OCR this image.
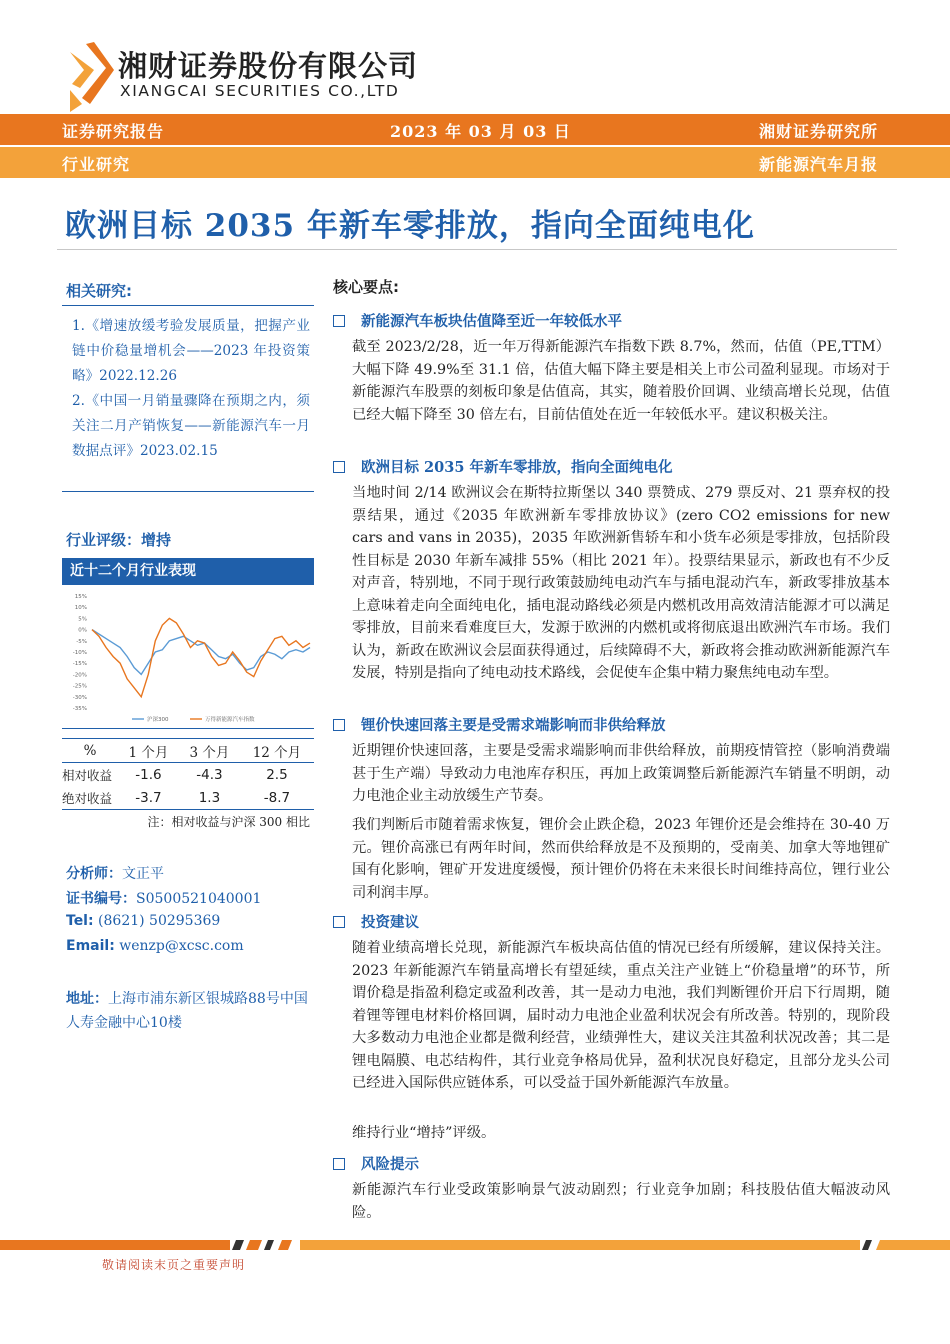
湘财证券股份有限公司
XIANGCAI SECURITIES CO.,LTD
证券研究报告	2023 年 03 月 03 日	湘财证券研究所
行业研究	新能源汽车月报
欧洲目标 2035 年新车零排放，指向全面纯电化
相关研究:
1.《增速放缓考验发展质量，把握产业链中价稳量增机会——2023 年投资策略》2022.12.26
2.《中国一月销量骤降在预期之内，须关注二月产销恢复——新能源汽车一月数据点评》2023.02.15
行业评级：增持
近十二个月行业表现
15%
10%
5%
0%
-5%
-10%
-15%
-20%
-25%
-30%
-35%
沪深300	万得新能源汽车指数
%	1 个月	3 个月	12 个月
相对收益	-1.6	-4.3	2.5
绝对收益	-3.7	1.3	-8.7
注：相对收益与沪深 300 相比
分析师：文正平
证书编号：S0500521040001
Tel: (8621) 50295369
Email: wenzp@xcsc.com
地址：上海市浦东新区银城路88号中国人寿金融中心10楼
核心要点:
新能源汽车板块估值降至近一年较低水平
截至 2023/2/28，近一年万得新能源汽车指数下跌 8.7%，然而，估值（PE,TTM）大幅下降 49.9%至 31.1 倍，估值大幅下降主要是相关上市公司盈利显现。市场对于新能源汽车股票的刻板印象是估值高，其实，随着股价回调、业绩高增长兑现，估值已经大幅下降至 30 倍左右，目前估值处在近一年较低水平。建议积极关注。
欧洲目标 2035 年新车零排放，指向全面纯电化
当地时间 2/14 欧洲议会在斯特拉斯堡以 340 票赞成、279 票反对、21 票弃权的投票结果，通过《2035 年欧洲新车零排放协议》(zero CO2 emissions for new cars and vans in 2035)，2035 年欧洲新售轿车和小货车必须是零排放，包括阶段性目标是 2030 年新车减排 55%（相比 2021 年）。投票结果显示，新政也有不少反对声音，特别地，不同于现行政策鼓励纯电动汽车与插电混动汽车，新政零排放基本上意味着走向全面纯电化，插电混动路线必须是内燃机改用高效清洁能源才可以满足零排放，目前来看难度巨大，发源于欧洲的内燃机或将彻底退出欧洲汽车市场。我们认为，新政在欧洲议会层面获得通过，后续障碍不大，新政将会推动欧洲新能源汽车发展，特别是指向了纯电动技术路线，会促使车企集中精力聚焦纯电动车型。
锂价快速回落主要是受需求端影响而非供给释放
近期锂价快速回落，主要是受需求端影响而非供给释放，前期疫情管控（影响消费端甚于生产端）导致动力电池库存积压，再加上政策调整后新能源汽车销量不明朗，动力电池企业主动放缓生产节奏。
我们判断后市随着需求恢复，锂价会止跌企稳，2023 年锂价还是会维持在 30-40 万元。锂价高涨已有两年时间，然而供给释放是不及预期的，受南美、加拿大等地锂矿国有化影响，锂矿开发进度缓慢，预计锂价仍将在未来很长时间维持高位，锂行业公司利润丰厚。
投资建议
随着业绩高增长兑现，新能源汽车板块高估值的情况已经有所缓解，建议保持关注。2023 年新能源汽车销量高增长有望延续，重点关注产业链上“价稳量增”的环节，所谓价稳是指盈利稳定或盈利改善，其一是动力电池，我们判断锂价开启下行周期，随着锂等锂电材料价格回调，届时动力电池企业盈利状况会有所改善。特别的，现阶段大多数动力电池企业都是微利经营，业绩弹性大，建议关注其盈利状况改善；其二是锂电隔膜、电芯结构件，其行业竞争格局优异，盈利状况良好稳定，且部分龙头公司已经进入国际供应链体系，可以受益于国外新能源汽车放量。
维持行业“增持”评级。
风险提示
新能源汽车行业受政策影响景气波动剧烈；行业竞争加剧；科技股估值大幅波动风险。
敬请阅读末页之重要声明
